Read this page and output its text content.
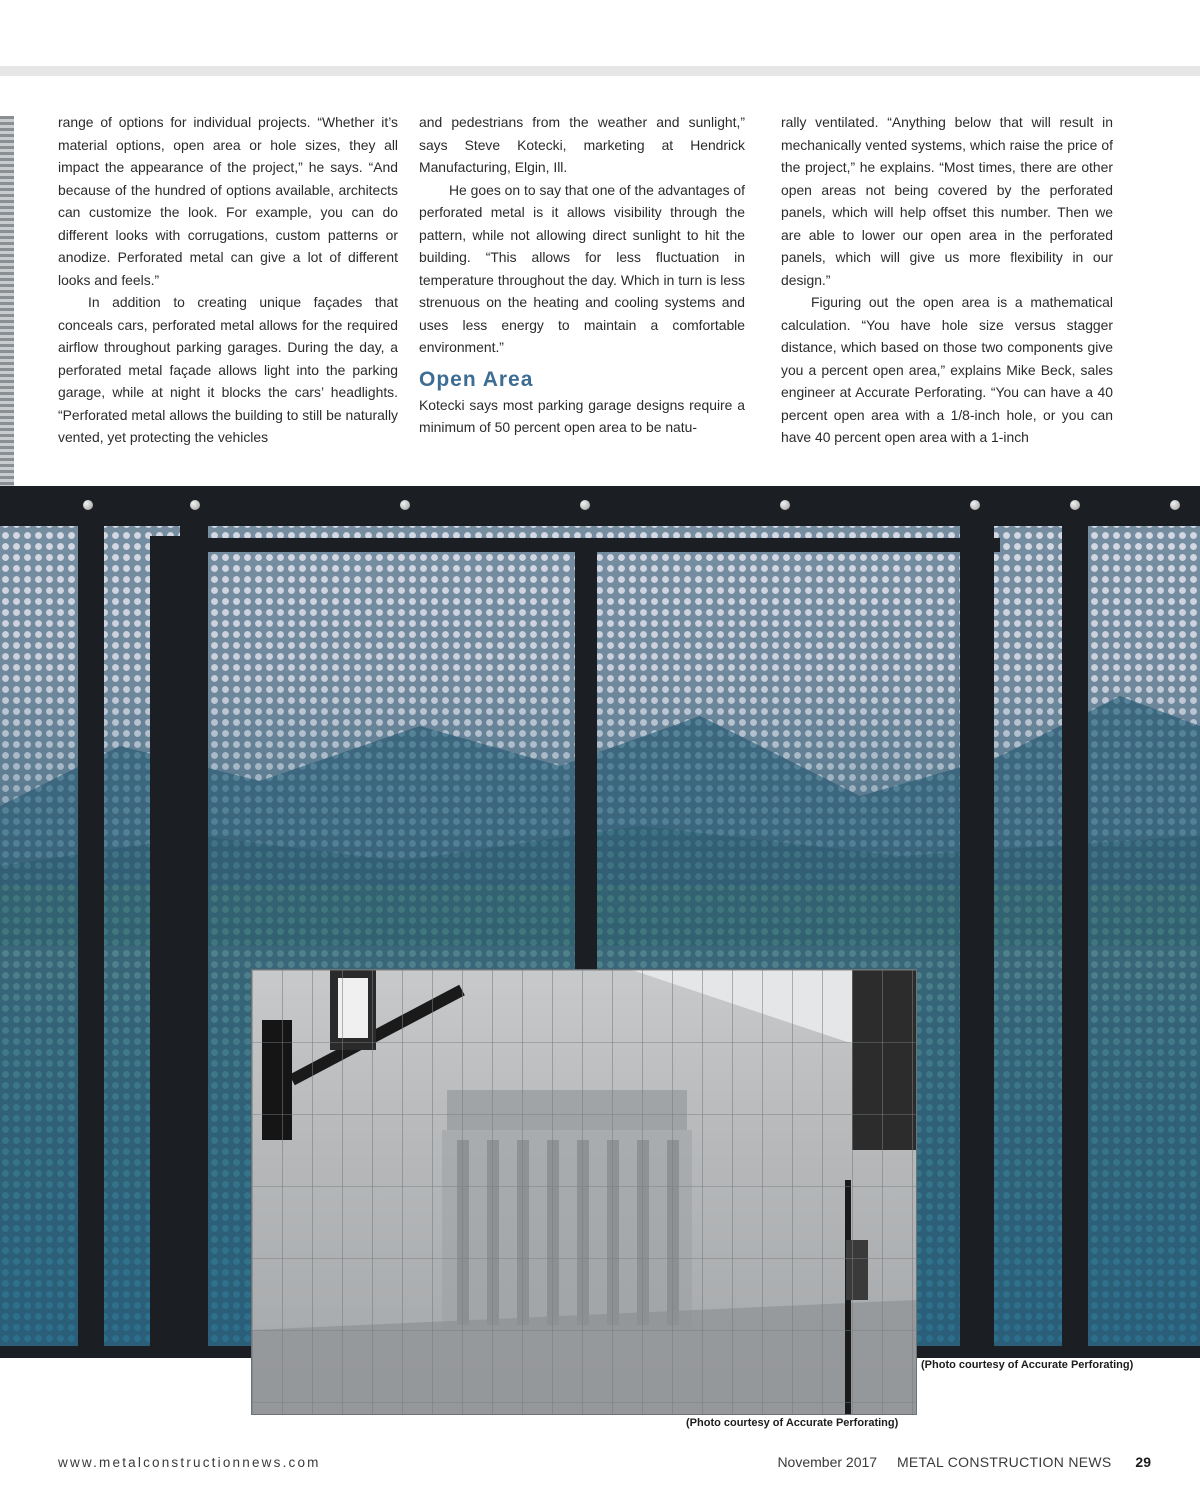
range of options for individual projects. “Whether it’s material options, open area or hole sizes, they all impact the appearance of the project,” he says. “And because of the hundred of options available, architects can customize the look. For example, you can do different looks with corrugations, custom patterns or anodize. Perforated metal can give a lot of different looks and feels.”

In addition to creating unique façades that conceals cars, perforated metal allows for the required airflow throughout parking garages. During the day, a perforated metal façade allows light into the parking garage, while at night it blocks the cars’ headlights. “Perforated metal allows the building to still be naturally vented, yet protecting the vehicles

and pedestrians from the weather and sunlight,” says Steve Kotecki, marketing at Hendrick Manufacturing, Elgin, Ill.

He goes on to say that one of the advantages of perforated metal is it allows visibility through the pattern, while not allowing direct sunlight to hit the building. “This allows for less fluctuation in temperature throughout the day. Which in turn is less strenuous on the heating and cooling systems and uses less energy to maintain a comfortable environment.”

Open Area

Kotecki says most parking garage designs require a minimum of 50 percent open area to be natu-

rally ventilated. “Anything below that will result in mechanically vented systems, which raise the price of the project,” he explains. “Most times, there are other open areas not being covered by the perforated panels, which will help offset this number. Then we are able to lower our open area in the perforated panels, which will give us more flexibility in our design.”

Figuring out the open area is a mathematical calculation. “You have hole size versus stagger distance, which based on those two components give you a percent open area,” explains Mike Beck, sales engineer at Accurate Perforating. “You can have a 40 percent open area with a 1/8-inch hole, or you can have 40 percent open area with a 1-inch

(Photo courtesy of Accurate Perforating)
(Photo courtesy of Accurate Perforating)
www.metalconstructionnews.com	November 2017 METAL CONSTRUCTION NEWS 29
